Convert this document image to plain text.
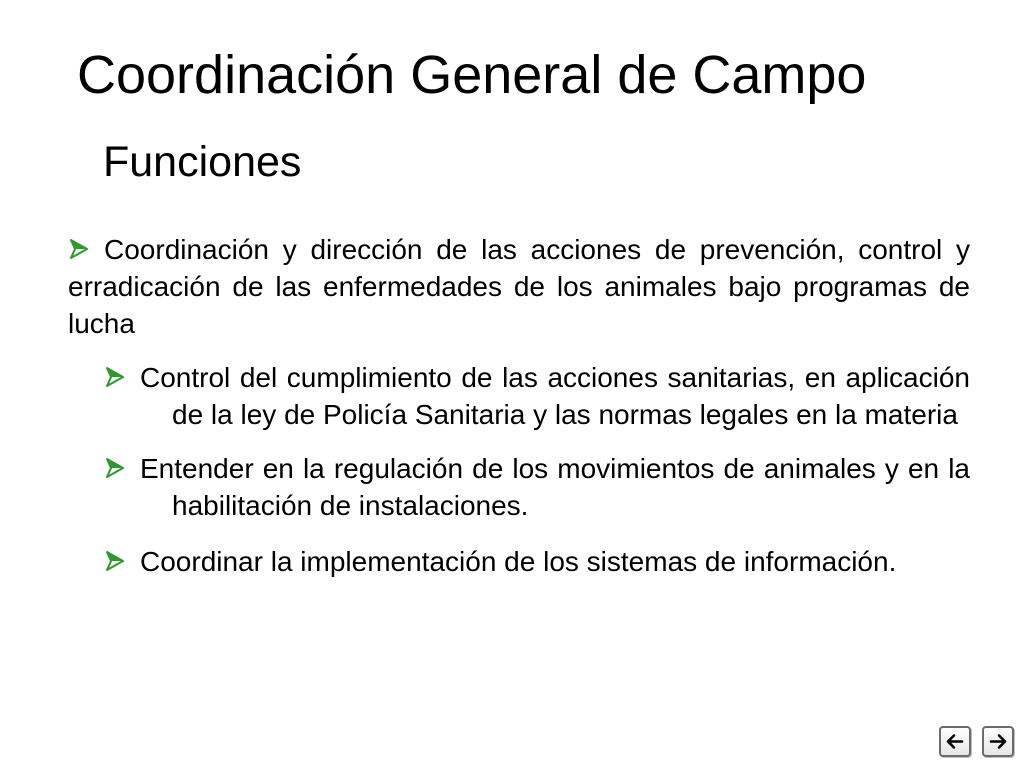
Coordinación General de Campo
Funciones
Coordinación y dirección de las acciones de prevención, control y erradicación de las enfermedades de los animales bajo programas de lucha
Control del cumplimiento de las acciones sanitarias, en aplicación de la ley de Policía Sanitaria y las normas legales en la materia
Entender en la regulación de los movimientos de animales y en la habilitación de instalaciones.
Coordinar la implementación de los sistemas de información.
